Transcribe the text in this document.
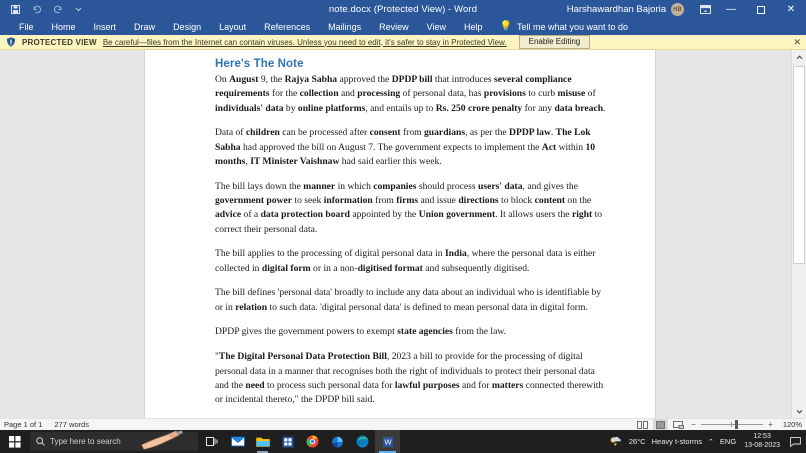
note.docx (Protected View) - Word	Harshawardhan Bajoria	HB	—	✕
File	Home	Insert	Draw	Design	Layout	References	Mailings	Review	View	Help	💡 Tell me what you want to do
PROTECTED VIEW Be careful—files from the Internet can contain viruses. Unless you need to edit, it's safer to stay in Protected View.	Enable Editing	✕
Here's The Note
On August 9, the Rajya Sabha approved the DPDP bill that introduces several compliance requirements for the collection and processing of personal data, has provisions to curb misuse of individuals' data by online platforms, and entails up to Rs. 250 crore penalty for any data breach.
Data of children can be processed after consent from guardians, as per the DPDP law. The Lok Sabha had approved the bill on August 7. The government expects to implement the Act within 10 months, IT Minister Vaishnaw had said earlier this week.
The bill lays down the manner in which companies should process users' data, and gives the government power to seek information from firms and issue directions to block content on the advice of a data protection board appointed by the Union government. It allows users the right to correct their personal data.
The bill applies to the processing of digital personal data in India, where the personal data is either collected in digital form or in a non-digitised format and subsequently digitised.
The bill defines 'personal data' broadly to include any data about an individual who is identifiable by or in relation to such data. 'digital personal data' is defined to mean personal data in digital form.
DPDP gives the government powers to exempt state agencies from the law.
"The Digital Personal Data Protection Bill, 2023 a bill to provide for the processing of digital personal data in a manner that recognises both the right of individuals to protect their personal data and the need to process such personal data for lawful purposes and for matters connected therewith or incidental thereto," the DPDP bill said.
Page 1 of 1 277 words	−	+	120%
Type here to search	W	26°C Heavy t-storms ⌃ ENG
12:53
13-08-2023
